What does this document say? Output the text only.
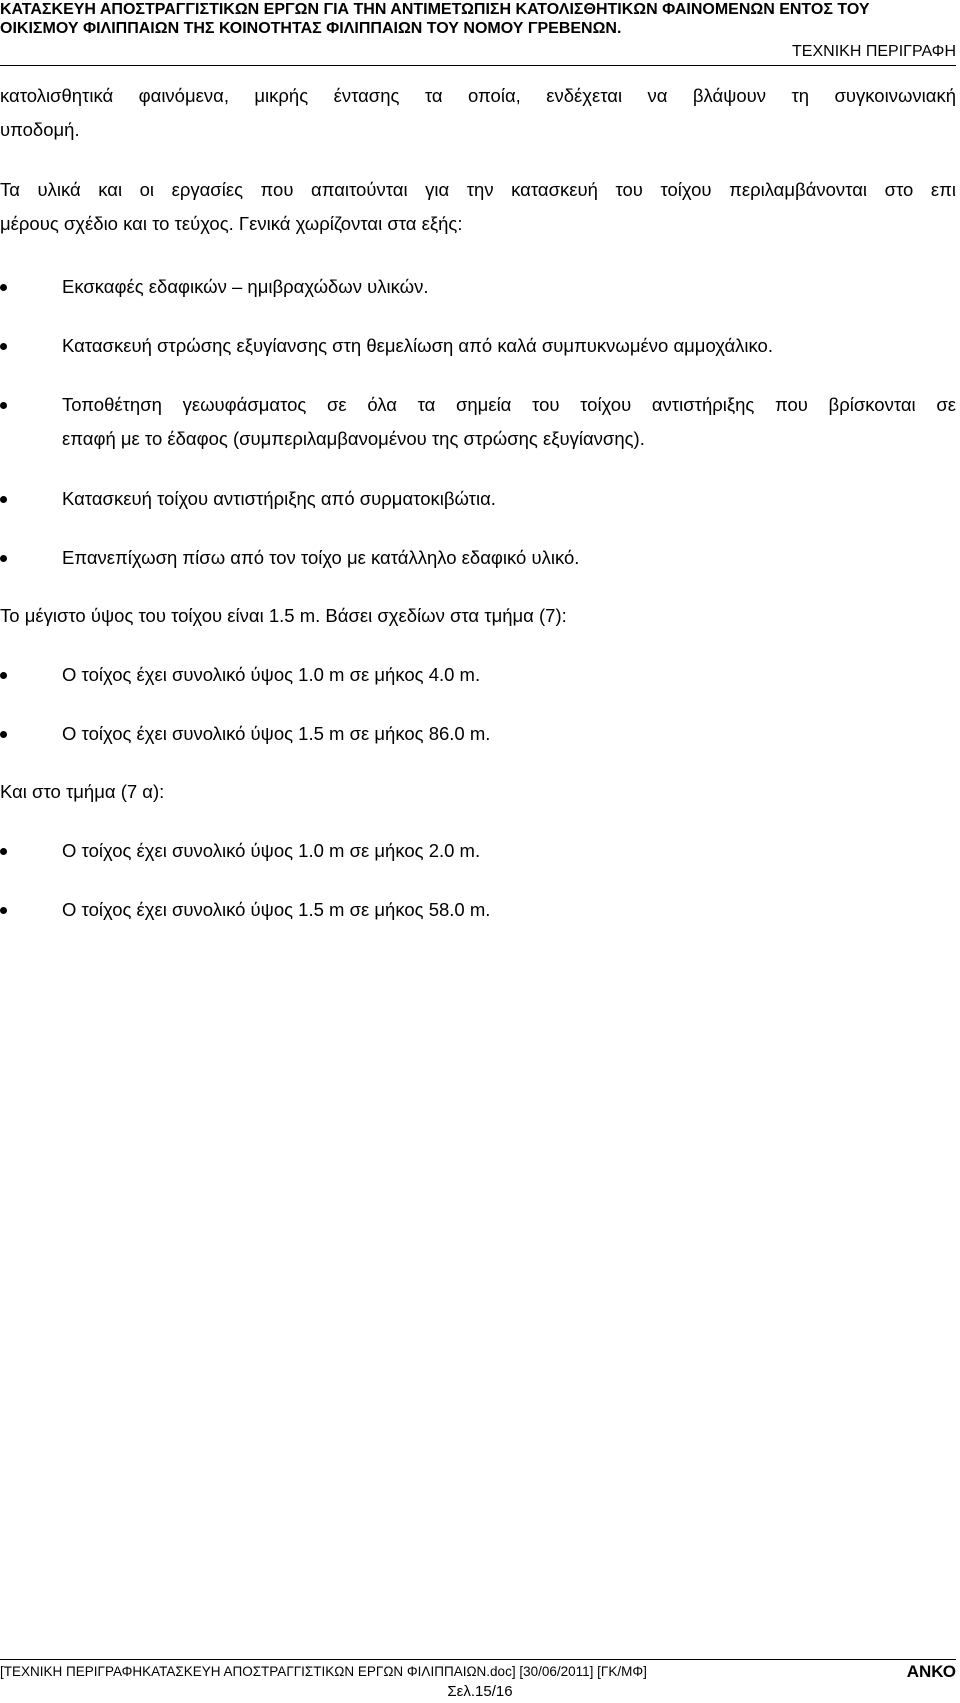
ΚΑΤΑΣΚΕΥΗ ΑΠΟΣΤΡΑΓΓΙΣΤΙΚΩΝ ΕΡΓΩΝ ΓΙΑ ΤΗΝ ΑΝΤΙΜΕΤΩΠΙΣΗ ΚΑΤΟΛΙΣΘΗΤΙΚΩΝ ΦΑΙΝΟΜΕΝΩΝ ΕΝΤΟΣ ΤΟΥ
ΟΙΚΙΣΜΟΥ ΦΙΛΙΠΠΑΙΩΝ ΤΗΣ ΚΟΙΝΟΤΗΤΑΣ ΦΙΛΙΠΠΑΙΩΝ ΤΟΥ ΝΟΜΟΥ ΓΡΕΒΕΝΩΝ.
ΤΕΧΝΙΚΗ ΠΕΡΙΓΡΑΦΗ

κατολισθητικά φαινόμενα, μικρής έντασης τα οποία, ενδέχεται να βλάψουν τη συγκοινωνιακή

υποδομή.

Τα υλικά και οι εργασίες που απαιτούνται για την κατασκευή του τοίχου περιλαμβάνονται στο επι

μέρους σχέδιο και το τεύχος. Γενικά χωρίζονται στα εξής:

Εκσκαφές εδαφικών – ημιβραχώδων υλικών.
Κατασκευή στρώσης εξυγίανσης στη θεμελίωση από καλά συμπυκνωμένο αμμοχάλικο.
Τοποθέτηση γεωυφάσματος σε όλα τα σημεία του τοίχου αντιστήριξης που βρίσκονται σε
επαφή με το έδαφος (συμπεριλαμβανομένου της στρώσης εξυγίανσης).
Κατασκευή τοίχου αντιστήριξης από συρματοκιβώτια.
Επανεπίχωση πίσω από τον τοίχο με κατάλληλο εδαφικό υλικό.

Το μέγιστο ύψος του τοίχου είναι 1.5 m. Βάσει σχεδίων στα τμήμα (7):

Ο τοίχος έχει συνολικό ύψος 1.0 m σε μήκος 4.0 m.
Ο τοίχος έχει συνολικό ύψος 1.5 m σε μήκος 86.0 m.

Και στο τμήμα (7 α):

Ο τοίχος έχει συνολικό ύψος 1.0 m σε μήκος 2.0 m.
Ο τοίχος έχει συνολικό ύψος 1.5 m σε μήκος 58.0 m.
[ΤΕΧΝΙΚΗ ΠΕΡΙΓΡΑΦΗΚΑΤΑΣΚΕΥΗ ΑΠΟΣΤΡΑΓΓΙΣΤΙΚΩΝ ΕΡΓΩΝ ΦΙΛΙΠΠΑΙΩΝ.doc] [30/06/2011] [ΓΚ/ΜΦ]	ΑΝΚΟ
Σελ.15/16
